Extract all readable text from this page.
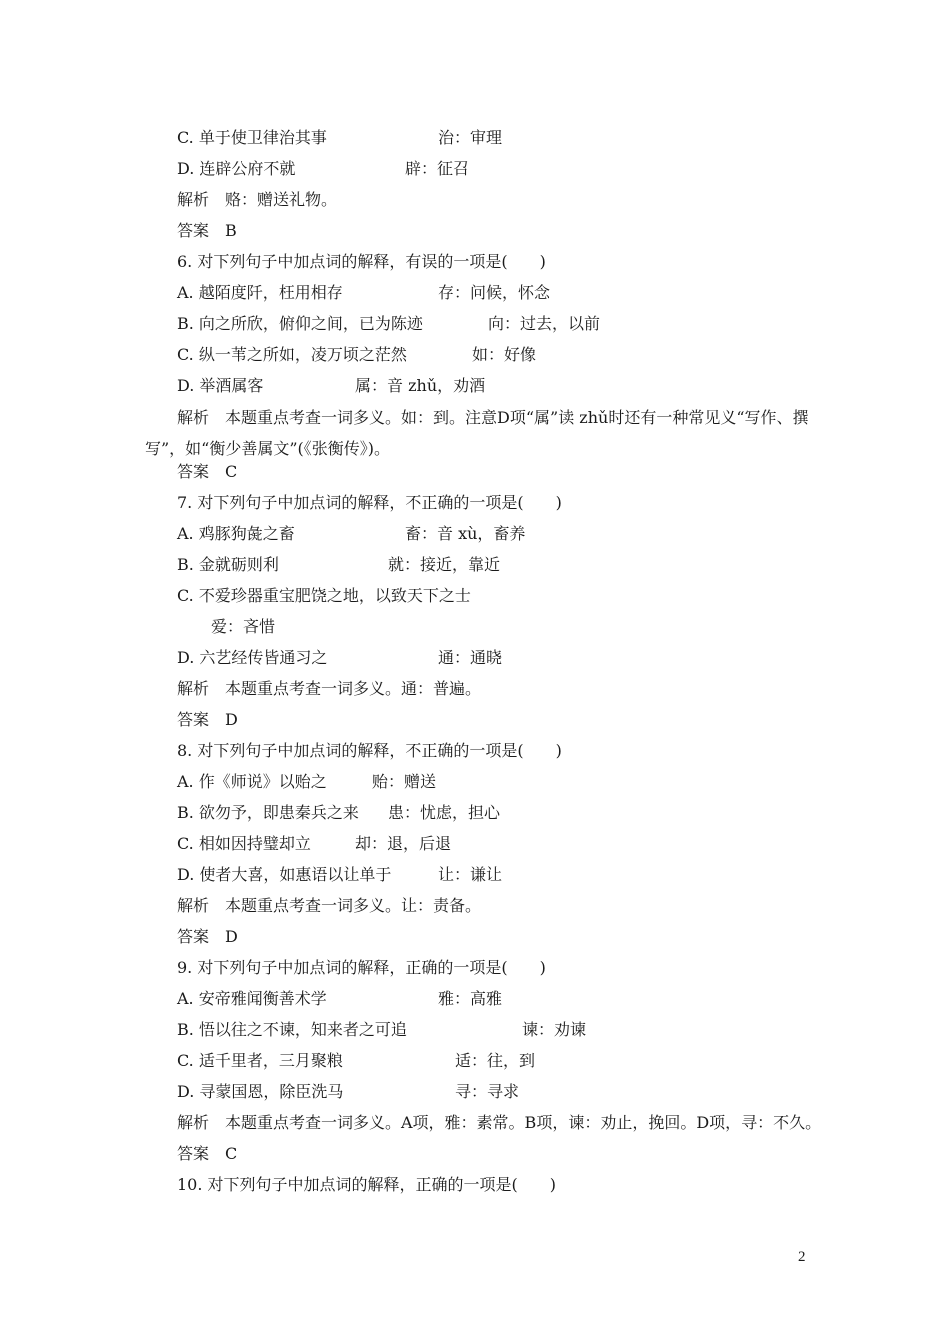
C. 单于使卫律治其事	治：审理
D. 连辟公府不就	辟：征召
解析　赂：赠送礼物。
答案　B
6. 对下列句子中加点词的解释，有误的一项是(　　)
A. 越陌度阡，枉用相存	存：问候，怀念
B. 向之所欣，俯仰之间，已为陈迹	向：过去，以前
C. 纵一苇之所如，凌万顷之茫然	如：好像
D. 举酒属客	属：音 zhǔ，劝酒
解析　本题重点考查一词多义。如：到。注意D项“属”读 zhǔ时还有一种常见义“写作、撰写”，如“衡少善属文”(《张衡传》)。
答案　C
7. 对下列句子中加点词的解释，不正确的一项是(　　)
A. 鸡豚狗彘之畜	畜：音 xù，畜养
B. 金就砺则利	就：接近，靠近
C. 不爱珍器重宝肥饶之地，以致天下之士
爱：吝惜
D. 六艺经传皆通习之	通：通晓
解析　本题重点考查一词多义。通：普遍。
答案　D
8. 对下列句子中加点词的解释，不正确的一项是(　　)
A. 作《师说》以贻之	贻：赠送
B. 欲勿予，即患秦兵之来 患：忧虑，担心
C. 相如因持璧却立	却：退，后退
D. 使者大喜，如惠语以让单于	让：谦让
解析　本题重点考查一词多义。让：责备。
答案　D
9. 对下列句子中加点词的解释，正确的一项是(　　)
A. 安帝雅闻衡善术学	雅：高雅
B. 悟以往之不谏，知来者之可追	谏：劝谏
C. 适千里者，三月聚粮	适：往，到
D. 寻蒙国恩，除臣洗马	寻：寻求
解析　本题重点考查一词多义。A项，雅：素常。B项，谏：劝止，挽回。D项，寻：不久。
答案　C
10. 对下列句子中加点词的解释，正确的一项是(　　)
2
